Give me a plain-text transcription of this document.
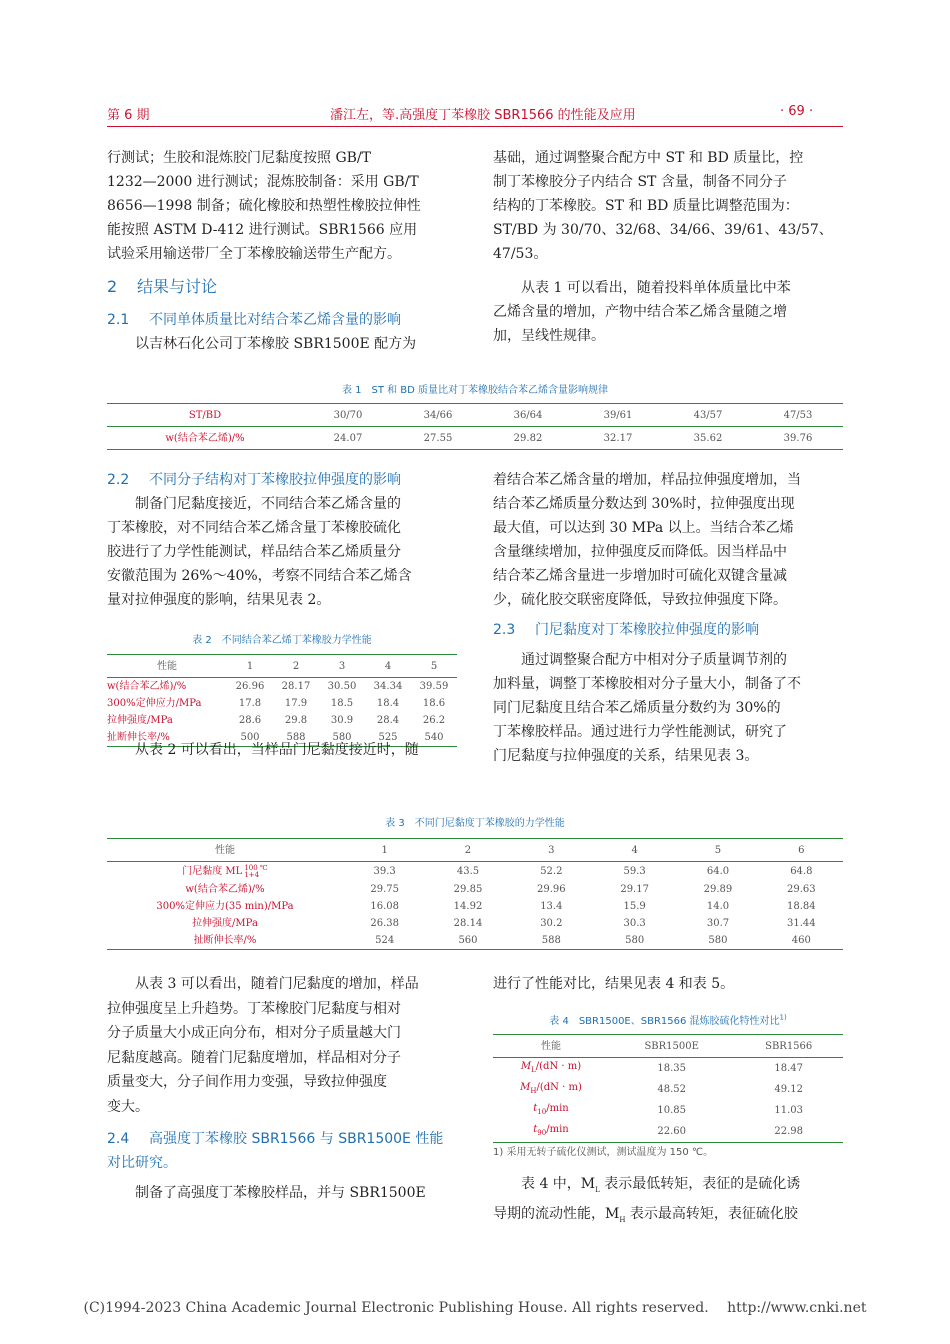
第 6 期	潘江左，等.高强度丁苯橡胶 SBR1566 的性能及应用	· 69 ·

行测试；生胶和混炼胶门尼黏度按照 GB/T

1232—2000 进行测试；混炼胶制备：采用 GB/T

8656—1998 制备；硫化橡胶和热塑性橡胶拉伸性

能按照 ASTM D-412 进行测试。SBR1566 应用

试验采用输送带厂全丁苯橡胶输送带生产配方。

2 结果与讨论
2.1 不同单体质量比对结合苯乙烯含量的影响

以吉林石化公司丁苯橡胶 SBR1500E 配方为

基础，通过调整聚合配方中 ST 和 BD 质量比，控

制丁苯橡胶分子内结合 ST 含量，制备不同分子

结构的丁苯橡胶。ST 和 BD 质量比调整范围为：

ST/BD 为 30/70、32/68、34/66、39/61、43/57、

47/53。

从表 1 可以看出，随着投料单体质量比中苯

乙烯含量的增加，产物中结合苯乙烯含量随之增

加，呈线性规律。

表 1　ST 和 BD 质量比对丁苯橡胶结合苯乙烯含量影响规律
ST/BD	30/70	34/66	36/64	39/61	43/57	47/53
w(结合苯乙烯)/%	24.07	27.55	29.82	32.17	35.62	39.76
2.2 不同分子结构对丁苯橡胶拉伸强度的影响

制备门尼黏度接近，不同结合苯乙烯含量的

丁苯橡胶，对不同结合苯乙烯含量丁苯橡胶硫化

胶进行了力学性能测试，样品结合苯乙烯质量分

安徽范围为 26%～40%，考察不同结合苯乙烯含

量对拉伸强度的影响，结果见表 2。

表 2　不同结合苯乙烯丁苯橡胶力学性能
性能	1	2	3	4	5
w(结合苯乙烯)/%	26.96	28.17	30.50	34.34	39.59
300%定伸应力/MPa	17.8	17.9	18.5	18.4	18.6
拉伸强度/MPa	28.6	29.8	30.9	28.4	26.2
扯断伸长率/%	500	588	580	525	540

从表 2 可以看出，当样品门尼黏度接近时，随

着结合苯乙烯含量的增加，样品拉伸强度增加，当

结合苯乙烯质量分数达到 30%时，拉伸强度出现

最大值，可以达到 30 MPa 以上。当结合苯乙烯

含量继续增加，拉伸强度反而降低。因当样品中

结合苯乙烯含量进一步增加时可硫化双键含量减

少，硫化胶交联密度降低，导致拉伸强度下降。

2.3 门尼黏度对丁苯橡胶拉伸强度的影响

通过调整聚合配方中相对分子质量调节剂的

加料量，调整丁苯橡胶相对分子量大小，制备了不

同门尼黏度且结合苯乙烯质量分数约为 30%的

丁苯橡胶样品。通过进行力学性能测试，研究了

门尼黏度与拉伸强度的关系，结果见表 3。

表 3　不同门尼黏度丁苯橡胶的力学性能
性能	1	2	3	4	5	6
门尼黏度 ML 100 ℃
1+4	39.3	43.5	52.2	59.3	64.0	64.8
w(结合苯乙烯)/%	29.75	29.85	29.96	29.17	29.89	29.63
300%定伸应力(35 min)/MPa	16.08	14.92	13.4	15.9	14.0	18.84
拉伸强度/MPa	26.38	28.14	30.2	30.3	30.7	31.44
扯断伸长率/%	524	560	588	580	580	460

从表 3 可以看出，随着门尼黏度的增加，样品

拉伸强度呈上升趋势。丁苯橡胶门尼黏度与相对

分子质量大小成正向分布，相对分子质量越大门

尼黏度越高。随着门尼黏度增加，样品相对分子

质量变大，分子间作用力变强，导致拉伸强度

变大。

2.4 高强度丁苯橡胶 SBR1566 与 SBR1500E 性能
对比研究。

制备了高强度丁苯橡胶样品，并与 SBR1500E

进行了性能对比，结果见表 4 和表 5。

表 4　SBR1500E、SBR1566 混炼胶硫化特性对比$^{1)}$
性能	SBR1500E	SBR1566
$M_L/(dN \cdot m)$	18.35	18.47
$M_H/(dN \cdot m)$	48.52	49.12
$t_{10}/\min$	10.85	11.03
$t_{90}/\min$	22.60	22.98
1) 采用无转子硫化仪测试，测试温度为 150 ℃。

表 4 中，$M_L$ 表示最低转矩，表征的是硫化诱

导期的流动性能，$M_H$ 表示最高转矩，表征硫化胶

(C)1994-2023 China Academic Journal Electronic Publishing House. All rights reserved.　 http://www.cnki.net
